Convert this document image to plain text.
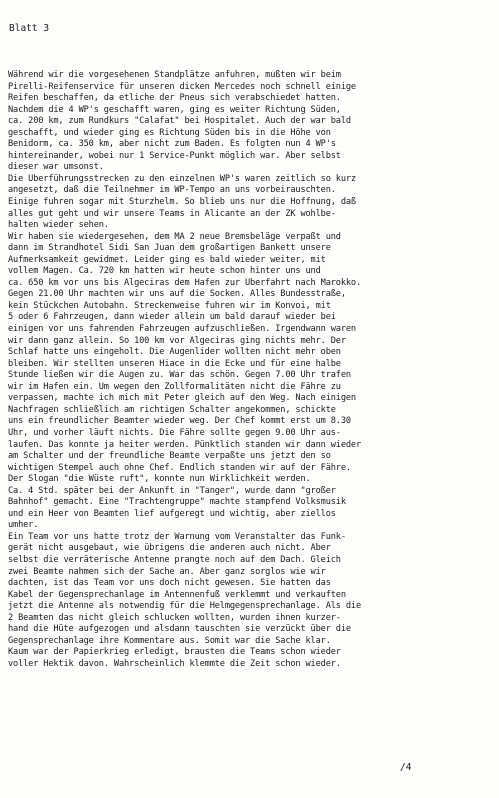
Blatt 3
Während wir die vorgesehenen Standplätze anfuhren, mußten wir beim
Pirelli-Reifenservice für unseren dicken Mercedes noch schnell einige
Reifen beschaffen, da etliche der Pneus sich verabschiedet hatten.
Nachdem die 4 WP's geschafft waren, ging es weiter Richtung Süden,
ca. 200 km, zum Rundkurs "Calafat" bei Hospitalet. Auch der war bald
geschafft, und wieder ging es Richtung Süden bis in die Höhe von
Benidorm, ca. 350 km, aber nicht zum Baden. Es folgten nun 4 WP's
hintereinander, wobei nur 1 Service-Punkt möglich war. Aber selbst
dieser war umsonst.
Die Überführungsstrecken zu den einzelnen WP's waren zeitlich so kurz
angesetzt, daß die Teilnehmer im WP-Tempo an uns vorbeirauschten.
Einige fuhren sogar mit Sturzhelm. So blieb uns nur die Hoffnung, daß
alles gut geht und wir unsere Teams in Alicante an der ZK wohlbe-
halten wieder sehen.
Wir haben sie wiedergesehen, dem MA 2 neue Bremsbeläge verpaßt und
dann im Strandhotel Sidi San Juan dem großartigen Bankett unsere
Aufmerksamkeit gewidmet. Leider ging es bald wieder weiter, mit
vollem Magen. Ca. 720 km hatten wir heute schon hinter uns und
ca. 650 km vor uns bis Algeciras dem Hafen zur Überfahrt nach Marokko.
Gegen 21.00 Uhr machten wir uns auf die Socken. Alles Bundesstraße,
kein Stückchen Autobahn. Streckenweise fuhren wir im Konvoi, mit
5 oder 6 Fahrzeugen, dann wieder allein um bald darauf wieder bei
einigen vor uns fahrenden Fahrzeugen aufzuschließen. Irgendwann waren
wir dann ganz allein. So 100 km vor Algeciras ging nichts mehr. Der
Schlaf hatte uns eingeholt. Die Augenlider wollten nicht mehr oben
bleiben. Wir stellten unseren Hiace in die Ecke und für eine halbe
Stunde ließen wir die Augen zu. War das schön. Gegen 7.00 Uhr trafen
wir im Hafen ein. Um wegen den Zollformalitäten nicht die Fähre zu
verpassen, machte ich mich mit Peter gleich auf den Weg. Nach einigen
Nachfragen schließlich am richtigen Schalter angekommen, schickte
uns ein freundlicher Beamter wieder weg. Der Chef kommt erst um 8.30
Uhr, und vorher läuft nichts. Die Fähre sollte gegen 9.00 Uhr aus-
laufen. Das konnte ja heiter werden. Pünktlich standen wir dann wieder
am Schalter und der freundliche Beamte verpaßte uns jetzt den so
wichtigen Stempel auch ohne Chef. Endlich standen wir auf der Fähre.
Der Slogan "die Wüste ruft", konnte nun Wirklichkeit werden.
Ca. 4 Std. später bei der Ankunft in "Tanger", wurde dann "großer
Bahnhof" gemacht. Eine "Trachtengruppe" machte stampfend Volksmusik
und ein Heer von Beamten lief aufgeregt und wichtig, aber ziellos
umher.
Ein Team vor uns hatte trotz der Warnung vom Veranstalter das Funk-
gerät nicht ausgebaut, wie übrigens die anderen auch nicht. Aber
selbst die verräterische Antenne prangte noch auf dem Dach. Gleich
zwei Beamte nahmen sich der Sache an. Aber ganz sorglos wie wir
dachten, ist das Team vor uns doch nicht gewesen. Sie hatten das
Kabel der Gegensprechanlage im Antennenfuß verklemmt und verkauften
jetzt die Antenne als notwendig für die Helmgegensprechanlage. Als die
2 Beamten das nicht gleich schlucken wollten, wurden ihnen kurzer-
hand die Hüte aufgezogen und alsdann tauschten sie verzückt über die
Gegensprechanlage ihre Kommentare aus. Somit war die Sache klar.
Kaum war der Papierkrieg erledigt, brausten die Teams schon wieder
voller Hektik davon. Wahrscheinlich klemmte die Zeit schon wieder.
/4
